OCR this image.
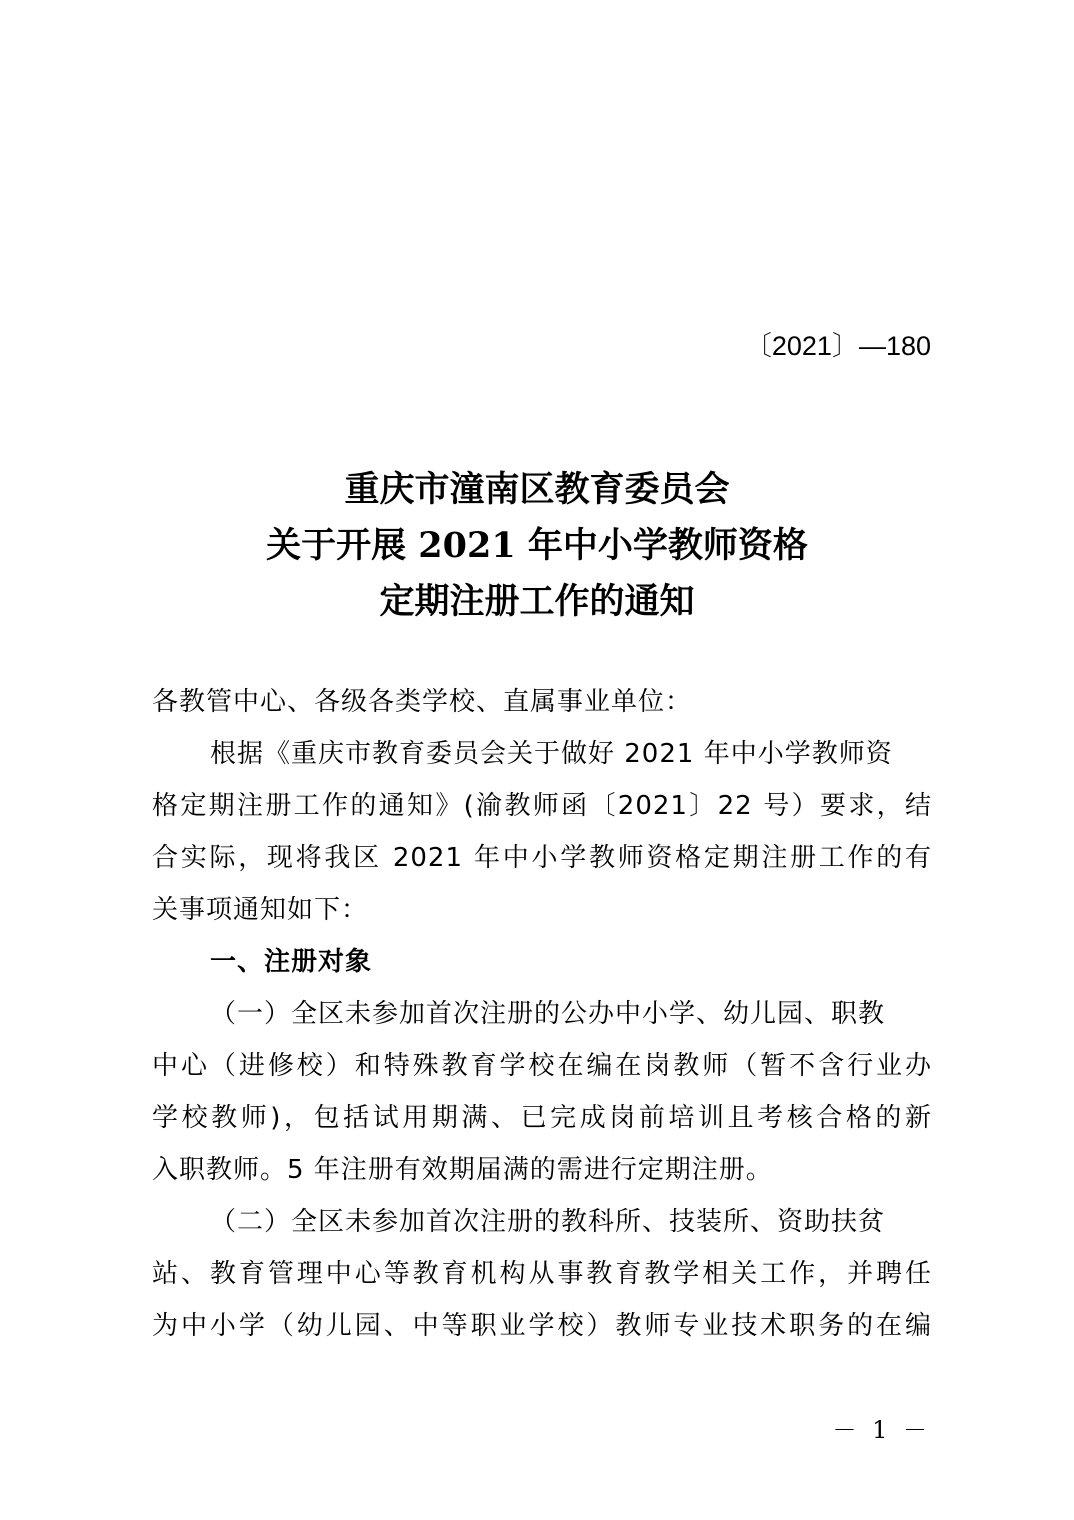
〔2021〕—180
重庆市潼南区教育委员会
关于开展 2021 年中小学教师资格
定期注册工作的通知
各教管中心、各级各类学校、直属事业单位：
根据《重庆市教育委员会关于做好 2021 年中小学教师资
格定期注册工作的通知》(渝教师函〔2021〕22 号）要求，结
合实际，现将我区 2021 年中小学教师资格定期注册工作的有
关事项通知如下：
一、注册对象
（一）全区未参加首次注册的公办中小学、幼儿园、职教
中心（进修校）和特殊教育学校在编在岗教师（暂不含行业办
学校教师)，包括试用期满、已完成岗前培训且考核合格的新
入职教师。5 年注册有效期届满的需进行定期注册。
（二）全区未参加首次注册的教科所、技装所、资助扶贫
站、教育管理中心等教育机构从事教育教学相关工作，并聘任
为中小学（幼儿园、中等职业学校）教师专业技术职务的在编
－ 1 －
